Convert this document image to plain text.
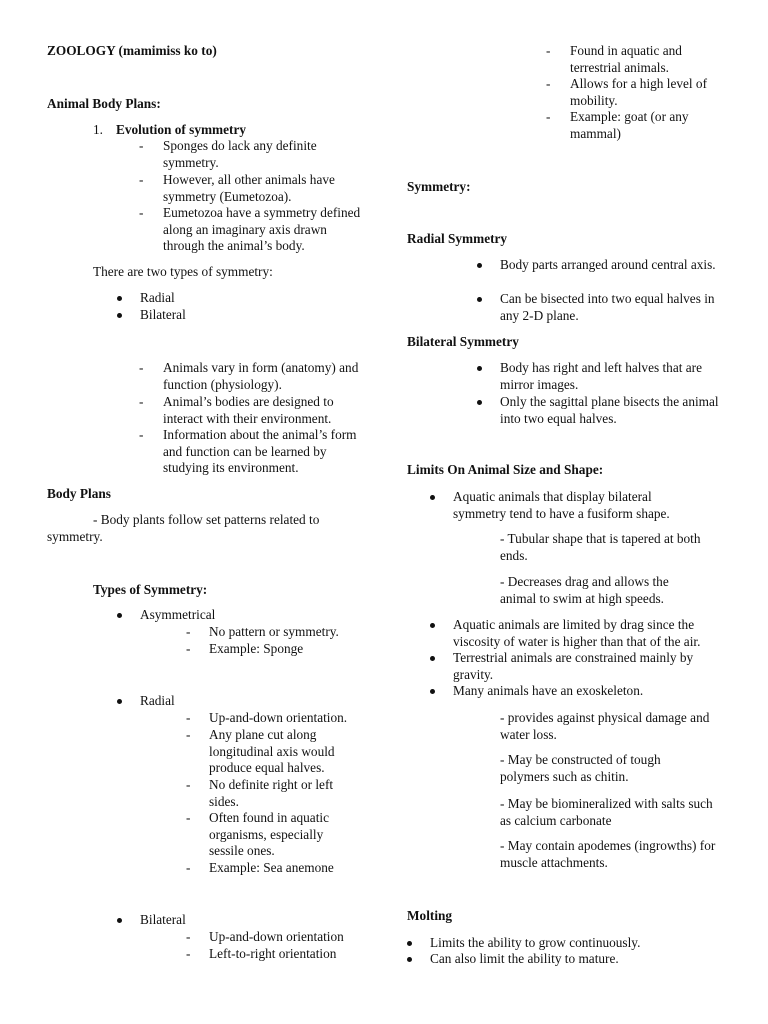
ZOOLOGY (mamimiss ko to)
Animal Body Plans:
1. Evolution of symmetry
-	Sponges do lack any definite symmetry.
-	However, all other animals have symmetry (Eumetozoa).
-	Eumetozoa have a symmetry defined along an imaginary axis drawn through the animal’s body.
There are two types of symmetry:
Radial
Bilateral
-	Animals vary in form (anatomy) and function (physiology).
-	Animal’s bodies are designed to interact with their environment.
-	Information about the animal’s form and function can be learned by studying its environment.
Body Plans
- Body plants follow set patterns related to symmetry.
Types of Symmetry:
Asymmetrical
-	No pattern or symmetry.
-	Example: Sponge
Radial
-	Up-and-down orientation.
-	Any plane cut along longitudinal axis would produce equal halves.
-	No definite right or left sides.
-	Often found in aquatic organisms, especially sessile ones.
-	Example: Sea anemone
Bilateral
-	Up-and-down orientation
-	Left-to-right orientation
-	Found in aquatic and terrestrial animals.
-	Allows for a high level of mobility.
-	Example: goat (or any mammal)
Symmetry:
Radial Symmetry
Body parts arranged around central axis.
Can be bisected into two equal halves in any 2-D plane.
Bilateral Symmetry
Body has right and left halves that are mirror images.
Only the sagittal plane bisects the animal into two equal halves.
Limits On Animal Size and Shape:
Aquatic animals that display bilateral symmetry tend to have a fusiform shape.
- Tubular shape that is tapered at both ends.
- Decreases drag and allows the animal to swim at high speeds.
Aquatic animals are limited by drag since the viscosity of water is higher than that of the air.
Terrestrial animals are constrained mainly by gravity.
Many animals have an exoskeleton.
- provides against physical damage and water loss.
- May be constructed of tough polymers such as chitin.
- May be biomineralized with salts such as calcium carbonate
- May contain apodemes (ingrowths) for muscle attachments.
Molting
Limits the ability to grow continuously.
Can also limit the ability to mature.
